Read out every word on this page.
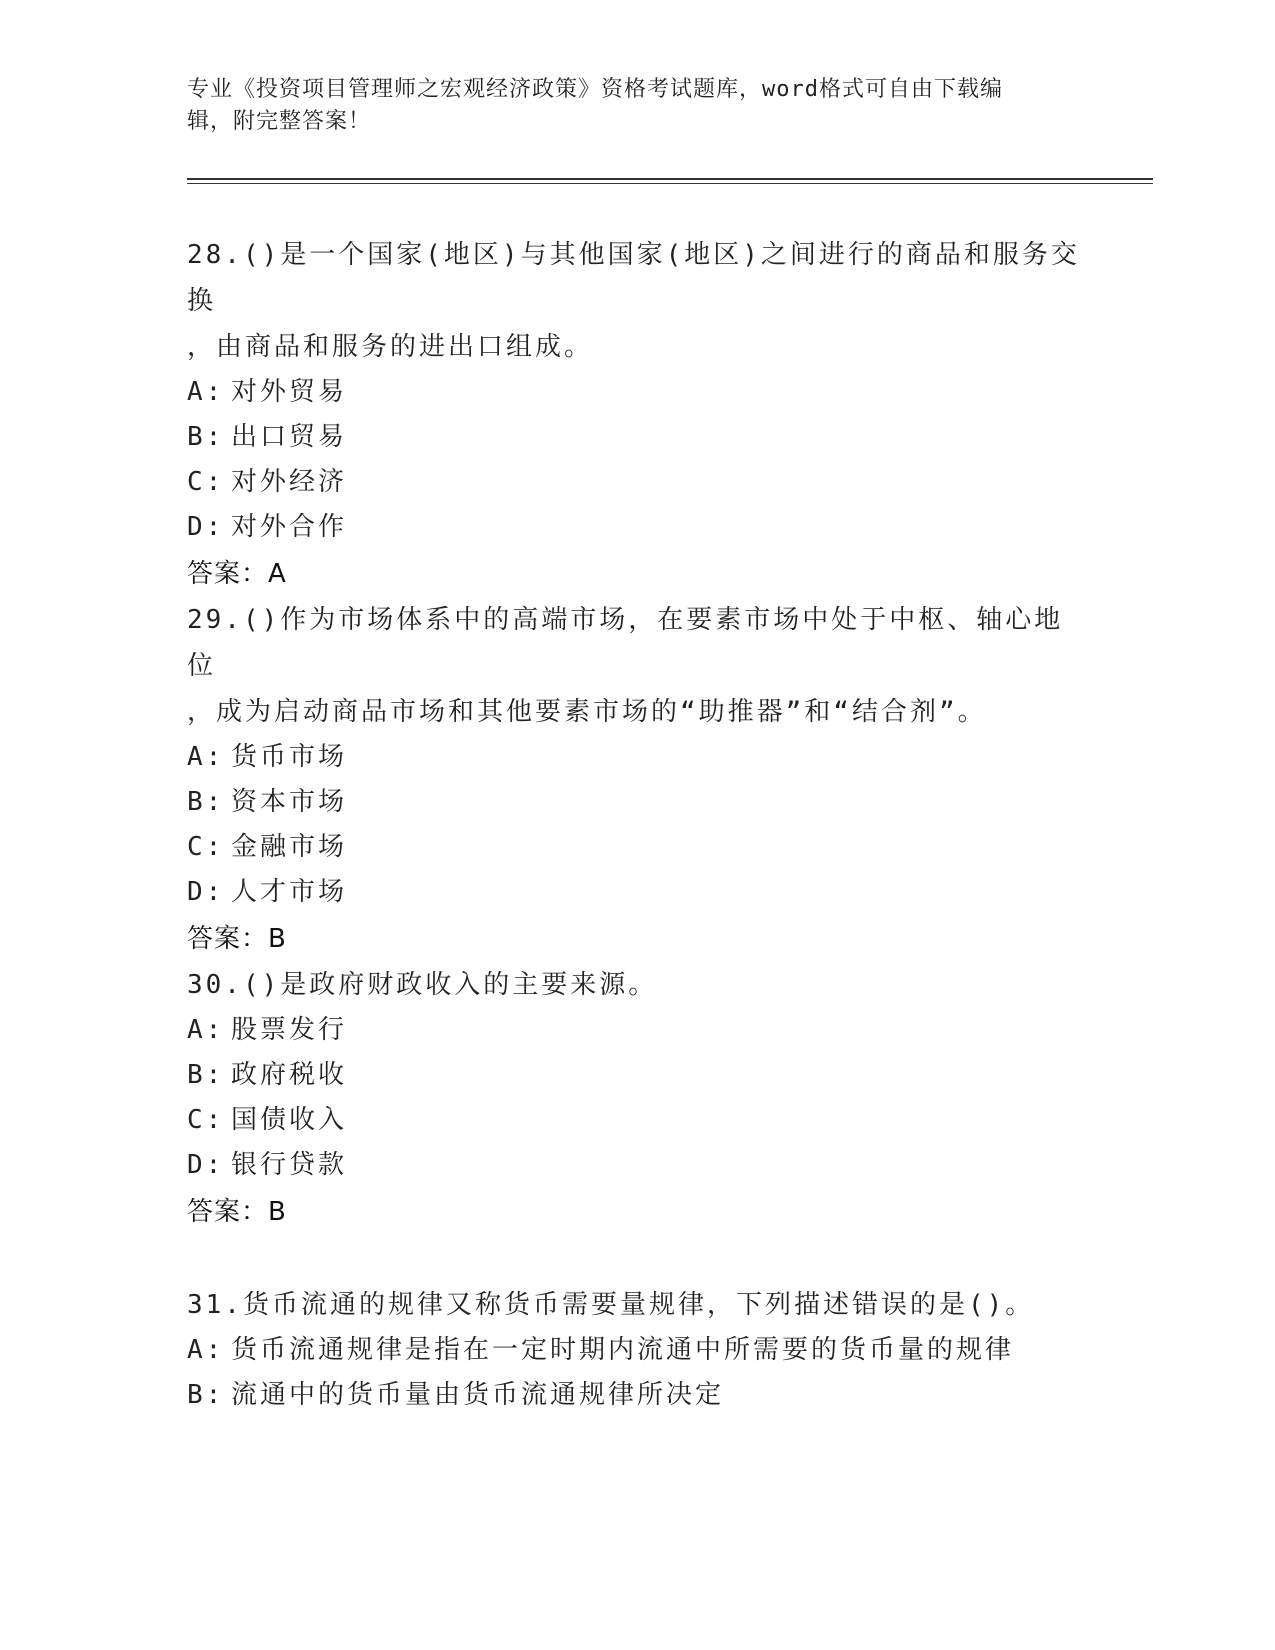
专业《投资项目管理师之宏观经济政策》资格考试题库，word格式可自由下载编
辑，附完整答案！

28.()是一个国家(地区)与其他国家(地区)之间进行的商品和服务交换

，由商品和服务的进出口组成。

A: 对外贸易

B: 出口贸易

C: 对外经济

D: 对外合作

答案：A

29.()作为市场体系中的高端市场，在要素市场中处于中枢、轴心地位

，成为启动商品市场和其他要素市场的“助推器”和“结合剂”。

A: 货币市场

B: 资本市场

C: 金融市场

D: 人才市场

答案：B

30.()是政府财政收入的主要来源。

A: 股票发行

B: 政府税收

C: 国债收入

D: 银行贷款

答案：B

31.货币流通的规律又称货币需要量规律，下列描述错误的是()。

A: 货币流通规律是指在一定时期内流通中所需要的货币量的规律

B: 流通中的货币量由货币流通规律所决定
